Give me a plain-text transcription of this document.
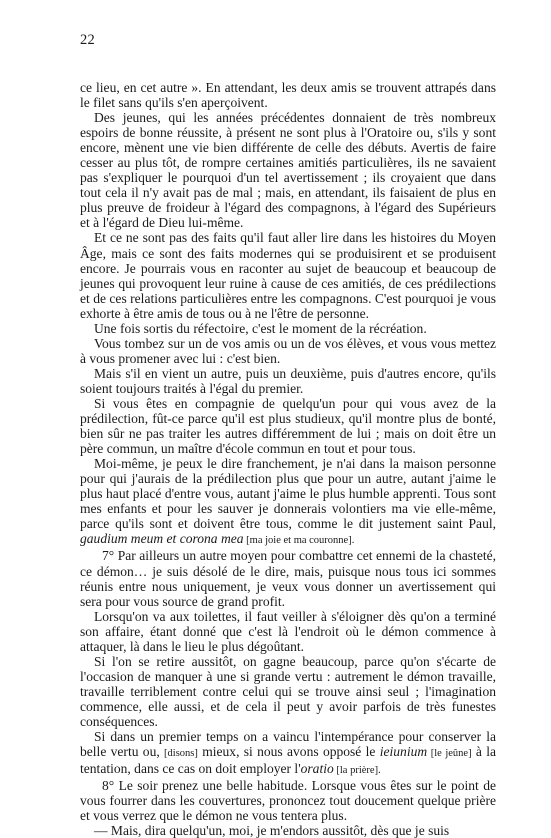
22

ce lieu, en cet autre ». En attendant, les deux amis se trouvent attrapés dans le filet sans qu'ils s'en aperçoivent.

Des jeunes, qui les années précédentes donnaient de très nombreux espoirs de bonne réussite, à présent ne sont plus à l'Oratoire ou, s'ils y sont encore, mènent une vie bien différente de celle des débuts. Avertis de faire cesser au plus tôt, de rompre certaines amitiés particulières, ils ne savaient pas s'expliquer le pourquoi d'un tel avertissement ; ils croyaient que dans tout cela il n'y avait pas de mal ; mais, en attendant, ils faisaient de plus en plus preuve de froideur à l'égard des compagnons, à l'égard des Supérieurs et à l'égard de Dieu lui-même.

Et ce ne sont pas des faits qu'il faut aller lire dans les histoires du Moyen Âge, mais ce sont des faits modernes qui se produisirent et se produisent encore. Je pourrais vous en raconter au sujet de beaucoup et beaucoup de jeunes qui provoquent leur ruine à cause de ces amitiés, de ces prédilections et de ces relations particulières entre les compagnons. C'est pourquoi je vous exhorte à être amis de tous ou à ne l'être de personne.

Une fois sortis du réfectoire, c'est le moment de la récréation.

Vous tombez sur un de vos amis ou un de vos élèves, et vous vous mettez à vous promener avec lui : c'est bien.

Mais s'il en vient un autre, puis un deuxième, puis d'autres encore, qu'ils soient toujours traités à l'égal du premier.

Si vous êtes en compagnie de quelqu'un pour qui vous avez de la prédilection, fût-ce parce qu'il est plus studieux, qu'il montre plus de bonté, bien sûr ne pas traiter les autres différemment de lui ; mais on doit être un père commun, un maître d'école commun en tout et pour tous.

Moi-même, je peux le dire franchement, je n'ai dans la maison personne pour qui j'aurais de la prédilection plus que pour un autre, autant j'aime le plus haut placé d'entre vous, autant j'aime le plus humble apprenti. Tous sont mes enfants et pour les sauver je donnerais volontiers ma vie elle-même, parce qu'ils sont et doivent être tous, comme le dit justement saint Paul, gaudium meum et corona mea [ma joie et ma couronne].

7° Par ailleurs un autre moyen pour combattre cet ennemi de la chasteté, ce démon… je suis désolé de le dire, mais, puisque nous tous ici sommes réunis entre nous uniquement, je veux vous donner un avertissement qui sera pour vous source de grand profit.

Lorsqu'on va aux toilettes, il faut veiller à s'éloigner dès qu'on a terminé son affaire, étant donné que c'est là l'endroit où le démon commence à attaquer, là dans le lieu le plus dégoûtant.

Si l'on se retire aussitôt, on gagne beaucoup, parce qu'on s'écarte de l'occasion de manquer à une si grande vertu : autrement le démon travaille, travaille terriblement contre celui qui se trouve ainsi seul ; l'imagination commence, elle aussi, et de cela il peut y avoir parfois de très funestes conséquences.

Si dans un premier temps on a vaincu l'intempérance pour conserver la belle vertu ou, [disons] mieux, si nous avons opposé le ieiunium [le jeûne] à la tentation, dans ce cas on doit employer l'oratio [la prière].

8° Le soir prenez une belle habitude. Lorsque vous êtes sur le point de vous fourrer dans les couvertures, prononcez tout doucement quelque prière et vous verrez que le démon ne vous tentera plus.

— Mais, dira quelqu'un, moi, je m'endors aussitôt, dès que je suis
